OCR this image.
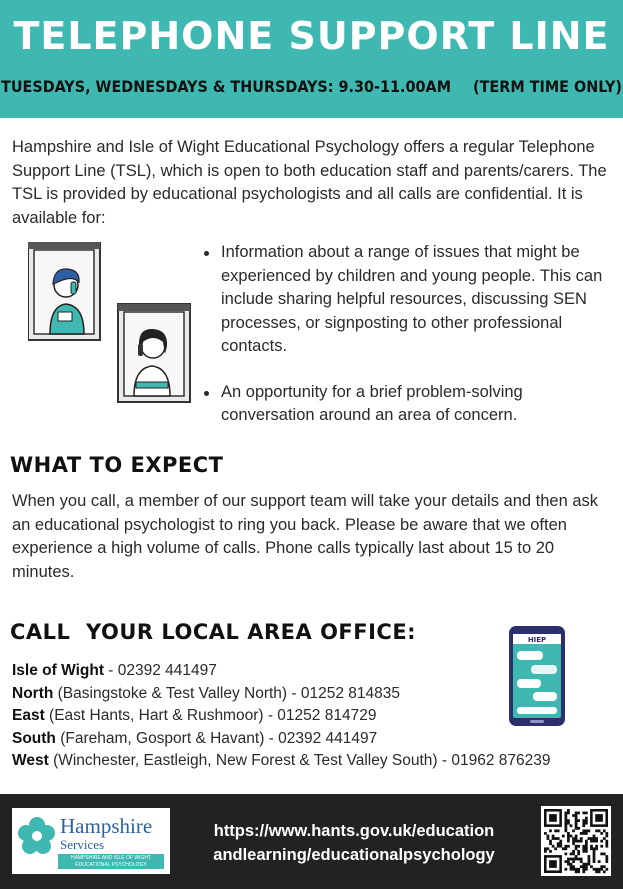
TELEPHONE SUPPORT LINE
TUESDAYS, WEDNESDAYS & THURSDAYS: 9.30-11.00AM (TERM TIME ONLY)

Hampshire and Isle of Wight Educational Psychology offers a regular Telephone Support Line (TSL), which is open to both education staff and parents/carers. The TSL is provided by educational psychologists and all calls are confidential. It is available for:

Information about a range of issues that might be experienced by children and young people. This can include sharing helpful resources, discussing SEN processes, or signposting to other professional contacts.
An opportunity for a brief problem-solving conversation around an area of concern.
WHAT TO EXPECT

When you call, a member of our support team will take your details and then ask an educational psychologist to ring you back. Please be aware that we often experience a high volume of calls. Phone calls typically last about 15 to 20 minutes.

CALL  YOUR LOCAL AREA OFFICE:
Isle of Wight - 02392 441497
North (Basingstoke & Test Valley North) - 01252 814835
East (East Hants, Hart & Rushmoor) - 01252 814729
South (Fareham, Gosport & Havant) - 02392 441497
West (Winchester, Eastleigh, New Forest & Test Valley South) - 01962 876239
HIEP
Hampshire
Services
HAMPSHIRE AND ISLE OF WIGHT
EDUCATIONAL PSYCHOLOGY
https://www.hants.gov.uk/education
andlearning/educationalpsychology
